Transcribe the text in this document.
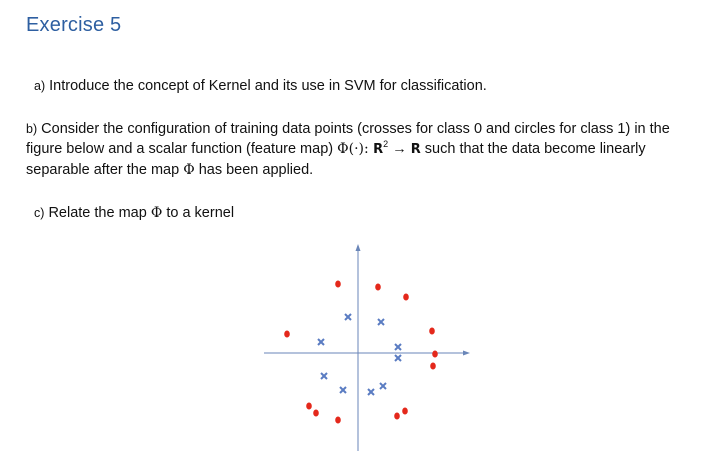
Exercise 5
a) Introduce the concept of Kernel and its use in SVM for classification.
b) Consider the configuration of training data points (crosses for class 0 and circles for class 1) in the figure below and a scalar function (feature map) Φ(·): $R^2 \to R$ such that the data become linearly separable after the map Φ has been applied.
c) Relate the map Φ to a kernel
